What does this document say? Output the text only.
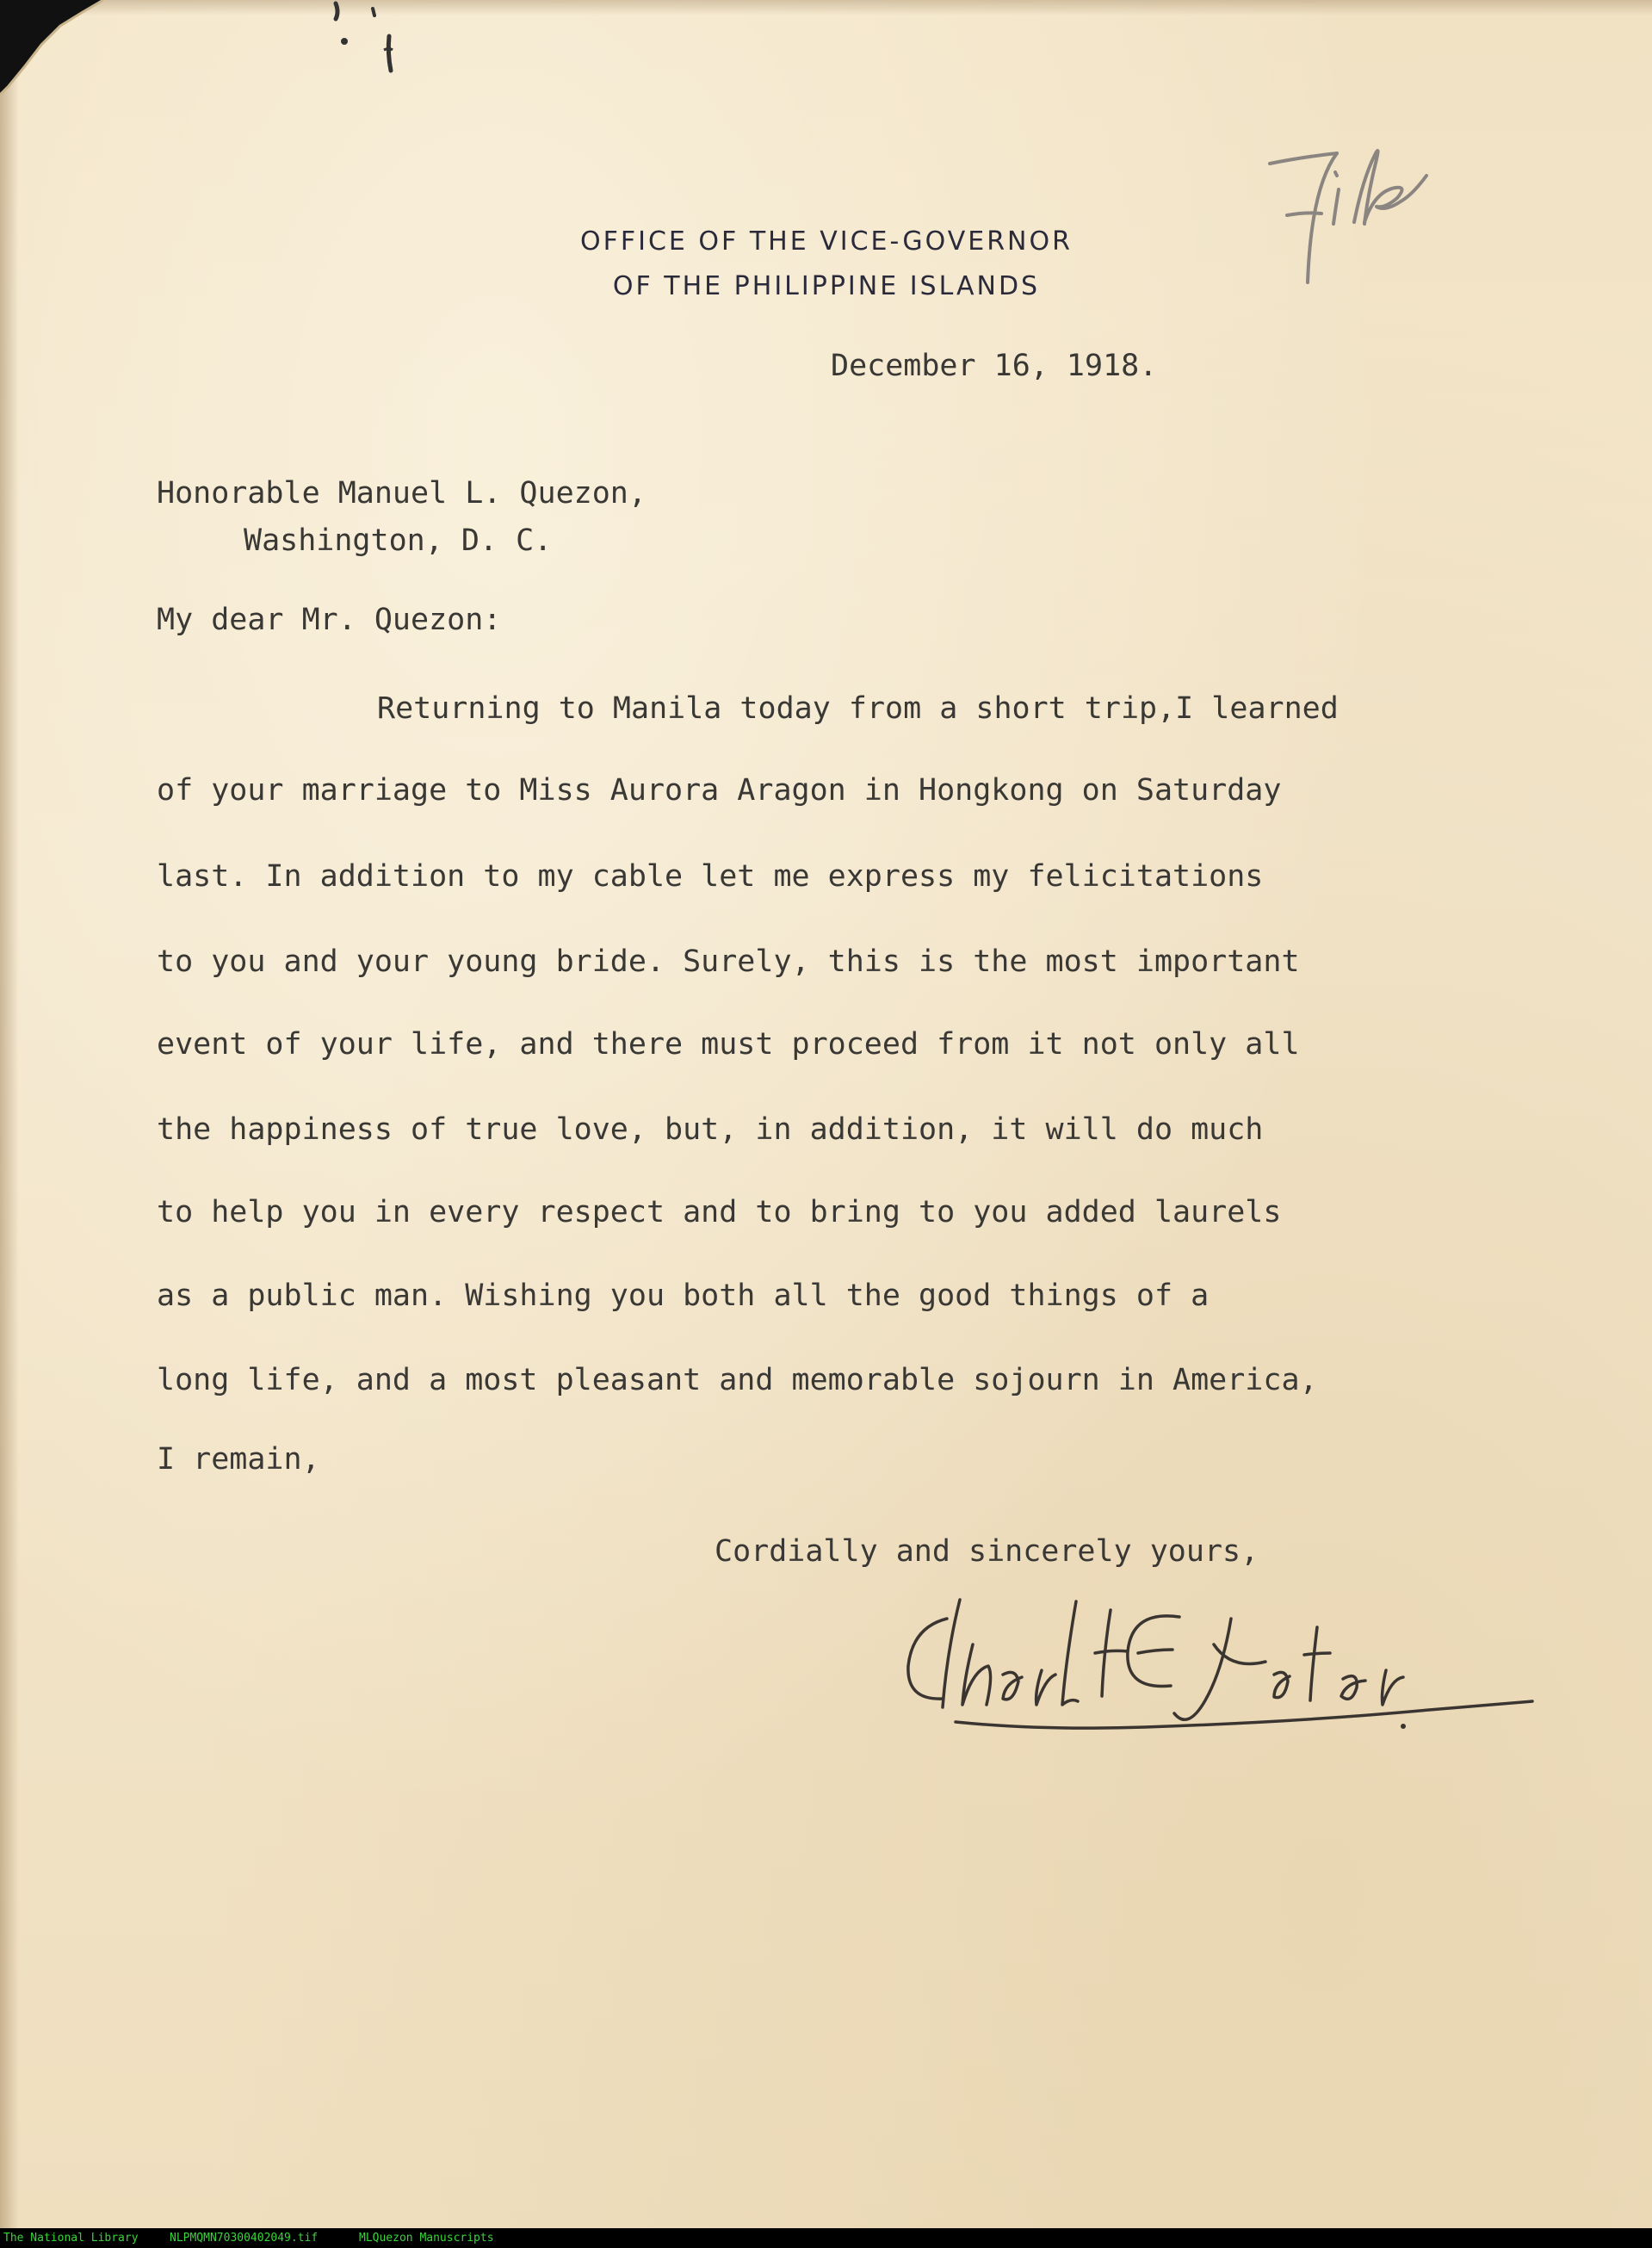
OFFICE OF THE VICE-GOVERNOR
OF THE PHILIPPINE ISLANDS
December 16, 1918.
Honorable Manuel L. Quezon,
Washington, D. C.
My dear Mr. Quezon:
Returning to Manila today from a short trip,I learned
of your marriage to Miss Aurora Aragon in Hongkong on Saturday
last. In addition to my cable let me express my felicitations
to you and your young bride. Surely, this is the most important
event of your life, and there must proceed from it not only all
the happiness of true love, but, in addition, it will do much
to help you in every respect and to bring to you added laurels
as a public man. Wishing you both all the good things of a
long life, and a most pleasant and memorable sojourn in America,
I remain,
Cordially and sincerely yours,
The National Library	NLPMQMN70300402049.tif	MLQuezon Manuscripts
